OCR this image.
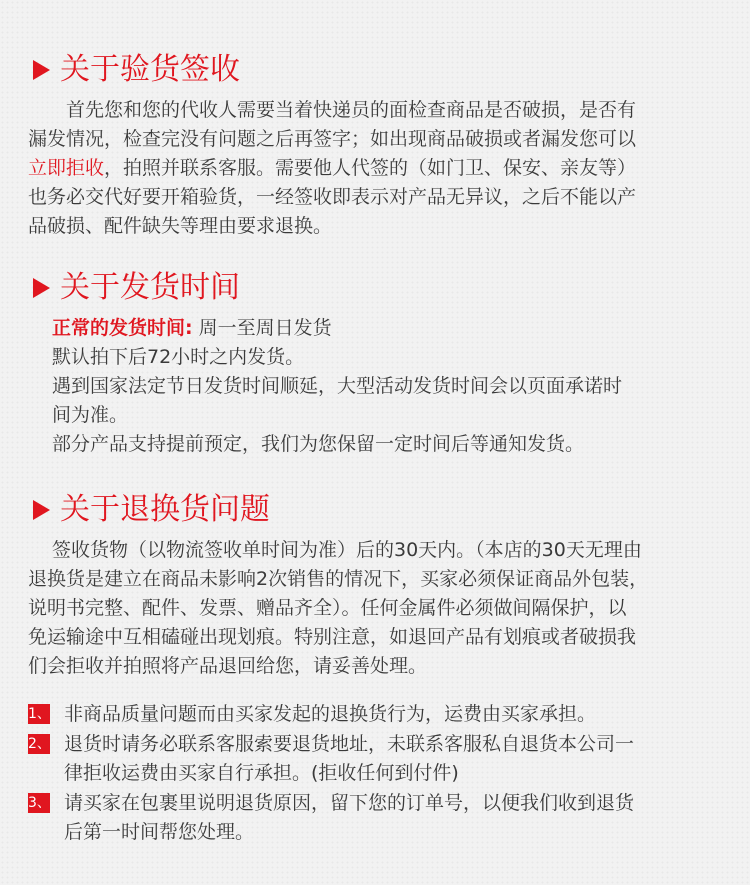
关于验货签收
首先您和您的代收人需要当着快递员的面检查商品是否破损，是否有
漏发情况，检查完没有问题之后再签字；如出现商品破损或者漏发您可以
立即拒收，拍照并联系客服。需要他人代签的（如门卫、保安、亲友等）
也务必交代好要开箱验货，一经签收即表示对产品无异议，之后不能以产
品破损、配件缺失等理由要求退换。
关于发货时间
正常的发货时间: 周一至周日发货
默认拍下后72小时之内发货。
遇到国家法定节日发货时间顺延，大型活动发货时间会以页面承诺时
间为准。
部分产品支持提前预定，我们为您保留一定时间后等通知发货。
关于退换货问题
签收货物（以物流签收单时间为准）后的30天内。（本店的30天无理由
退换货是建立在商品未影响2次销售的情况下，买家必须保证商品外包装，
说明书完整、配件、发票、赠品齐全）。任何金属件必须做间隔保护，以
免运输途中互相磕碰出现划痕。特别注意，如退回产品有划痕或者破损我
们会拒收并拍照将产品退回给您，请妥善处理。
1、 非商品质量问题而由买家发起的退换货行为，运费由买家承担。
2、 退货时请务必联系客服索要退货地址，未联系客服私自退货本公司一
律拒收运费由买家自行承担。(拒收任何到付件)
3、 请买家在包裹里说明退货原因，留下您的订单号，以便我们收到退货
后第一时间帮您处理。
